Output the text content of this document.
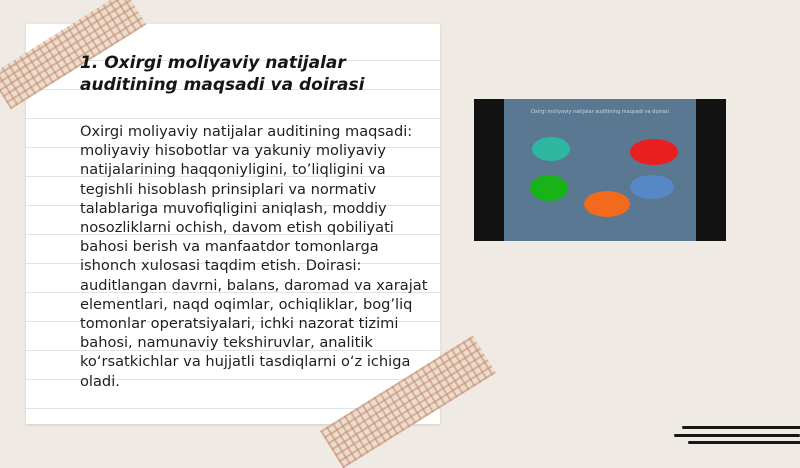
1. Oxirgi moliyaviy natijalar auditining maqsadi va doirasi

Oxirgi moliyaviy natijalar auditining maqsadi: moliyaviy hisobotlar va yakuniy moliyaviy natijalarining haqqoniyligini, to’liqligini va tegishli hisoblash prinsiplari va normativ talablariga muvofiqligini aniqlash, moddiy nosozliklarni ochish, davom etish qobiliyati bahosi berish va manfaatdor tomonlarga ishonch xulosasi taqdim etish. Doirasi: auditlangan davrni, balans, daromad va xarajat elementlari, naqd oqimlar, ochiqliklar, bog’liq tomonlar operatsiyalari, ichki nazorat tizimi bahosi, namunaviy tekshiruvlar, analitik ko‘rsatkichlar va hujjatli tasdiqlarni o‘z ichiga oladi.

Oxirgi moliyaviy natijalar auditining maqsadi va doirasi
